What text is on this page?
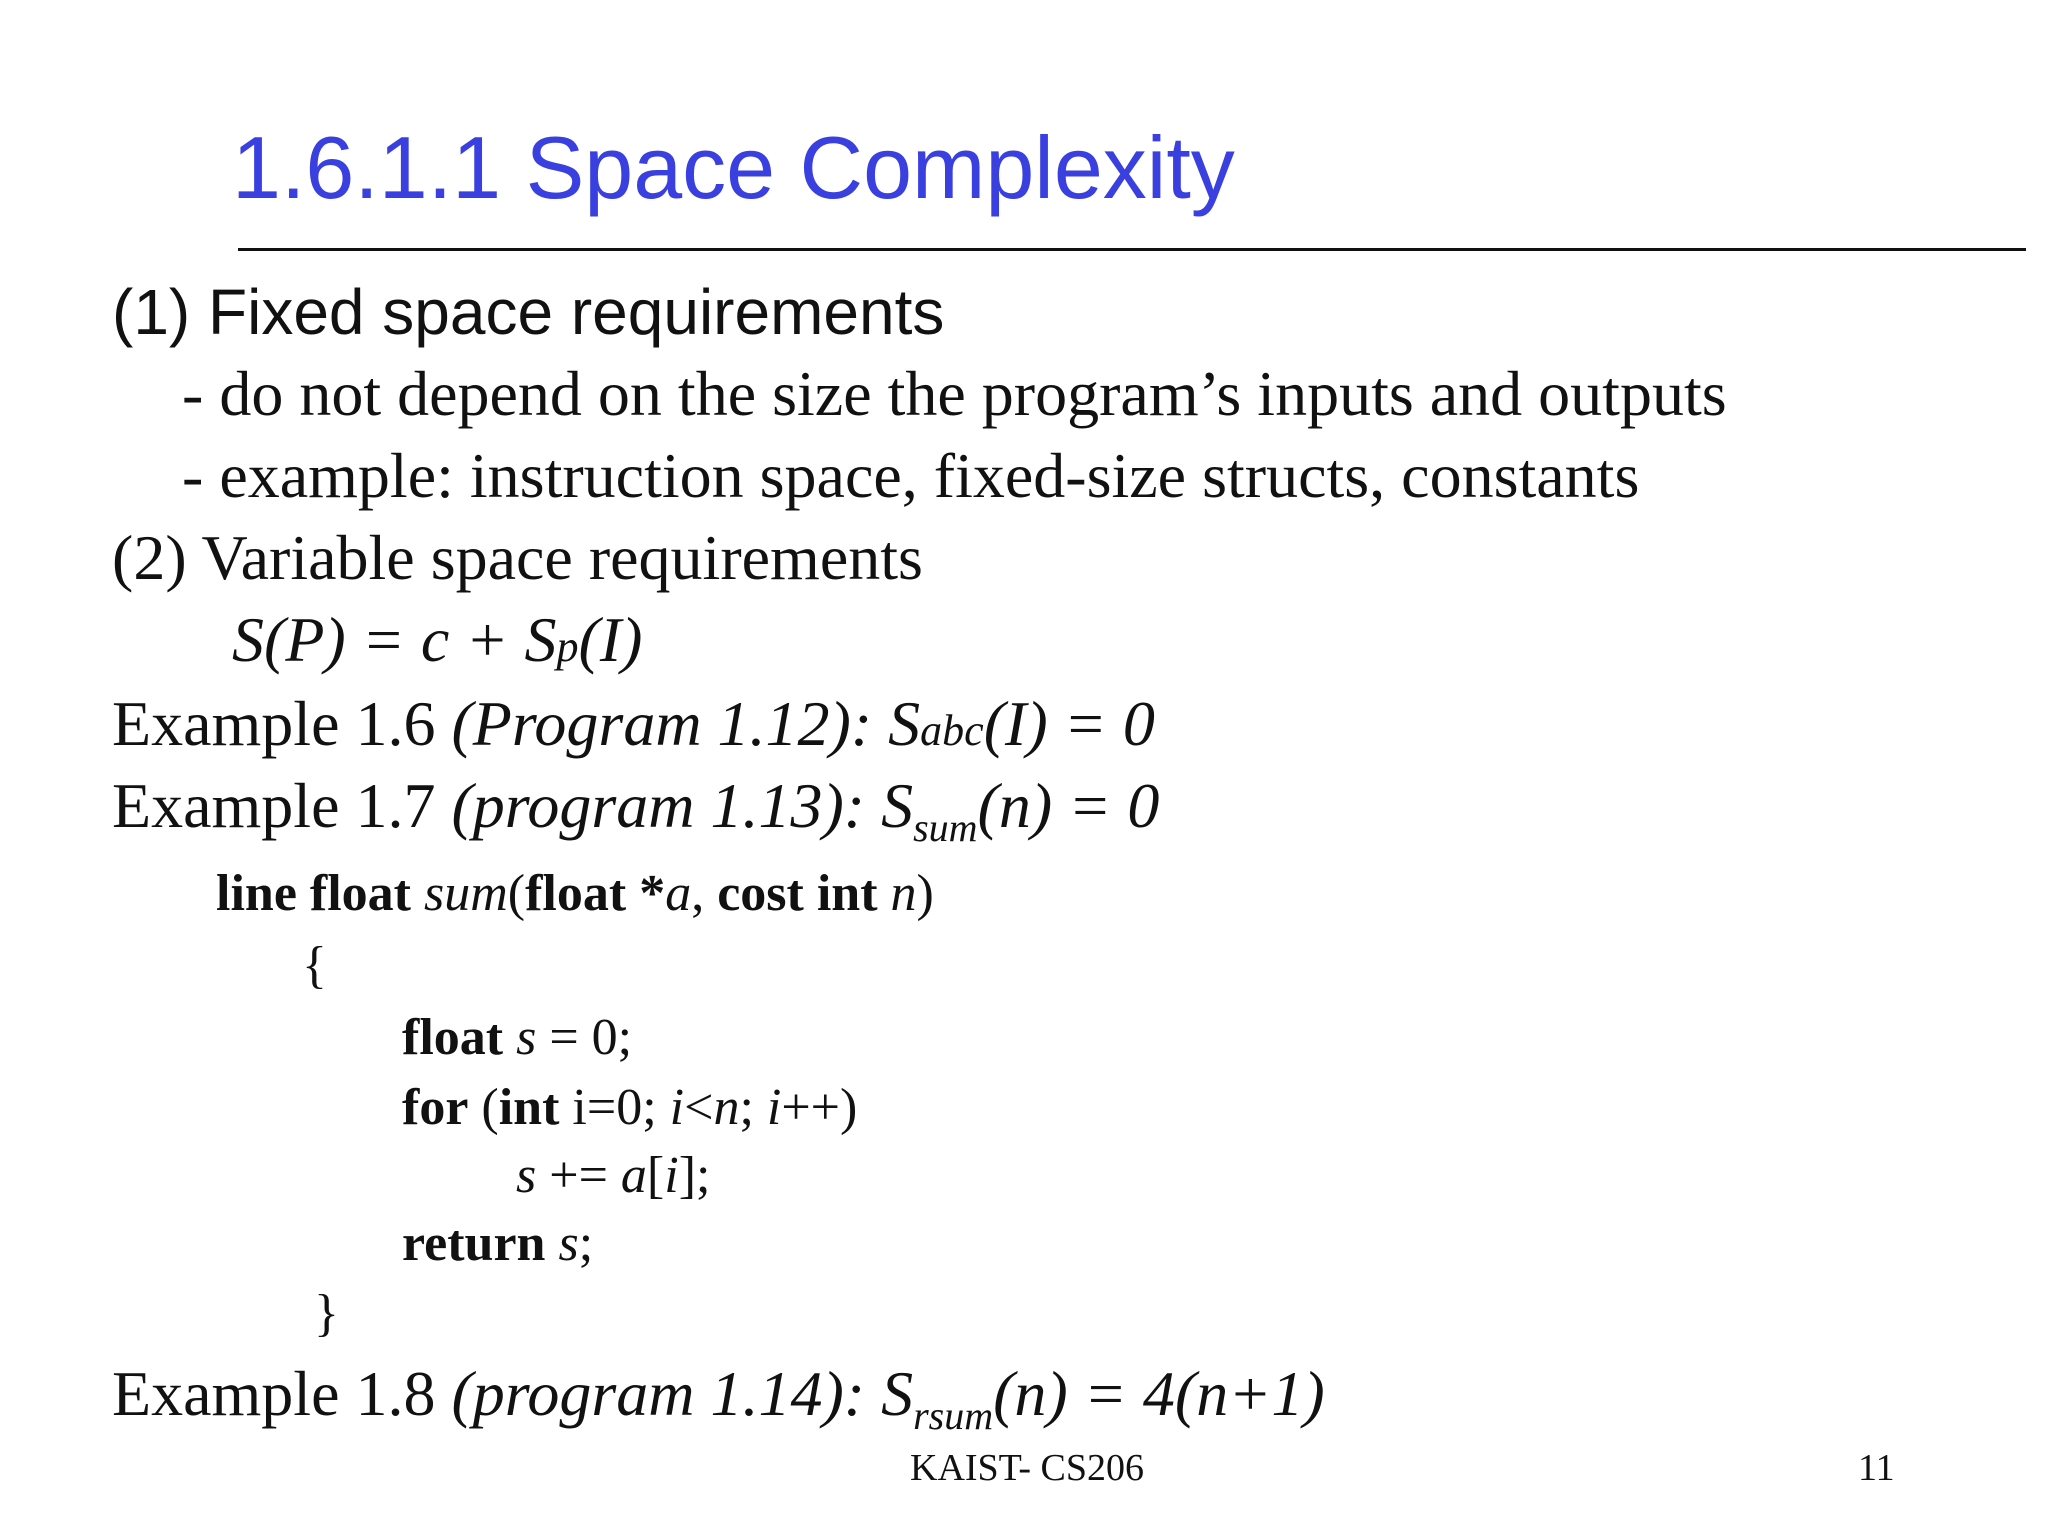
1.6.1.1 Space Complexity
(1) Fixed space requirements
- do not depend on the size the program’s inputs and outputs
- example: instruction space, fixed-size structs, constants
(2) Variable space requirements
S(P) = c + Sp(I)
Example 1.6 (Program 1.12): Sabc(I) = 0
Example 1.7 (program 1.13): $S_{sum}(n) = 0$
line float sum(float *a, cost int n)
{
float s = 0;
for (int i=0; i<n; i++)
s += a[i];
return s;
}
Example 1.8 (program 1.14): $S_{rsum}(n) = 4(n+1)$
KAIST- CS206	11
